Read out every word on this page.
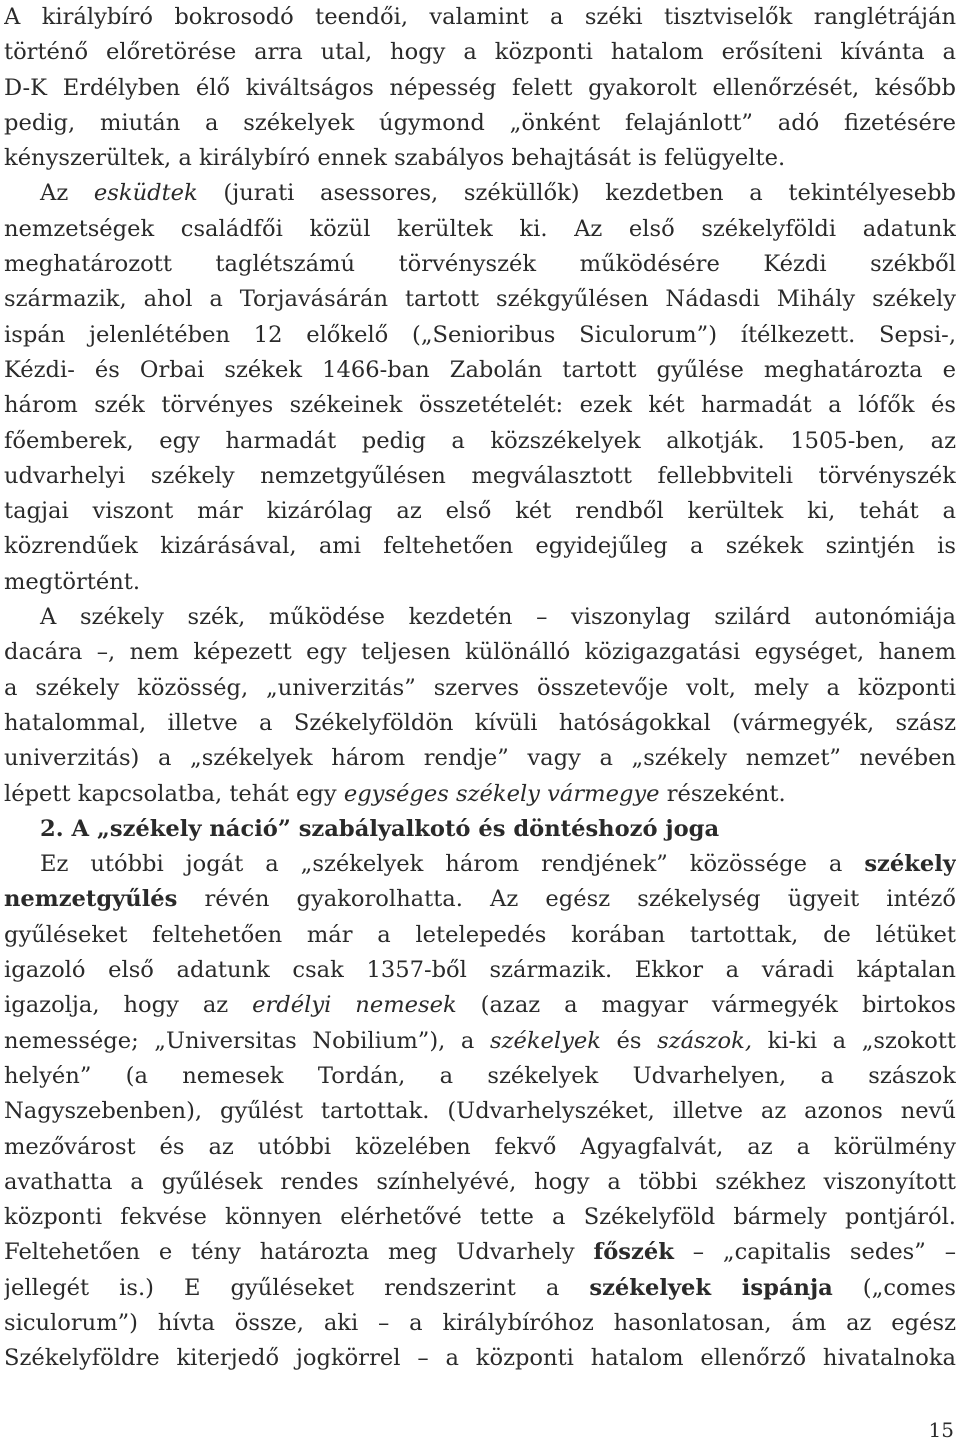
A királybíró bokrosodó teendői, valamint a széki tisztviselők ranglétráján
történő előretörése arra utal, hogy a központi hatalom erősíteni kívánta a
D-K Erdélyben élő kiváltságos népesség felett gyakorolt ellenőrzését, később
pedig, miután a székelyek úgymond „önként felajánlott” adó fizetésére
kényszerültek, a királybíró ennek szabályos behajtását is felügyelte.

Az esküdtek (jurati asessores, széküllők) kezdetben a tekintélyesebb
nemzetségek családfői közül kerültek ki. Az első székelyföldi adatunk
meghatározott taglétszámú törvényszék működésére Kézdi székből
származik, ahol a Torjavásárán tartott székgyűlésen Nádasdi Mihály székely
ispán jelenlétében 12 előkelő („Senioribus Siculorum”) ítélkezett. Sepsi-,
Kézdi- és Orbai székek 1466-ban Zabolán tartott gyűlése meghatározta e
három szék törvényes székeinek összetételét: ezek két harmadát a lófők és
főemberek, egy harmadát pedig a közszékelyek alkotják. 1505-ben, az
udvarhelyi székely nemzetgyűlésen megválasztott fellebbviteli törvényszék
tagjai viszont már kizárólag az első két rendből kerültek ki, tehát a
közrendűek kizárásával, ami feltehetően egyidejűleg a székek szintjén is
megtörtént.

A székely szék, működése kezdetén – viszonylag szilárd autonómiája
dacára –, nem képezett egy teljesen különálló közigazgatási egységet, hanem
a székely közösség, „univerzitás” szerves összetevője volt, mely a központi
hatalommal, illetve a Székelyföldön kívüli hatóságokkal (vármegyék, szász
univerzitás) a „székelyek három rendje” vagy a „székely nemzet” nevében
lépett kapcsolatba, tehát egy egységes székely vármegye részeként.

2. A „székely náció” szabályalkotó és döntéshozó joga

Ez utóbbi jogát a „székelyek három rendjének” közössége a székely
nemzetgyűlés révén gyakorolhatta. Az egész székelység ügyeit intéző
gyűléseket feltehetően már a letelepedés korában tartottak, de létüket
igazoló első adatunk csak 1357-ből származik. Ekkor a váradi káptalan
igazolja, hogy az erdélyi nemesek (azaz a magyar vármegyék birtokos
nemessége; „Universitas Nobilium”), a székelyek és szászok, ki-ki a „szokott
helyén” (a nemesek Tordán, a székelyek Udvarhelyen, a szászok
Nagyszebenben), gyűlést tartottak. (Udvarhelyszéket, illetve az azonos nevű
mezővárost és az utóbbi közelében fekvő Agyagfalvát, az a körülmény
avathatta a gyűlések rendes színhelyévé, hogy a többi székhez viszonyított
központi fekvése könnyen elérhetővé tette a Székelyföld bármely pontjáról.
Feltehetően e tény határozta meg Udvarhely főszék – „capitalis sedes” –
jellegét is.) E gyűléseket rendszerint a székelyek ispánja („comes
siculorum”) hívta össze, aki – a királybíróhoz hasonlatosan, ám az egész
Székelyföldre kiterjedő jogkörrel – a központi hatalom ellenőrző hivatalnoka

15
